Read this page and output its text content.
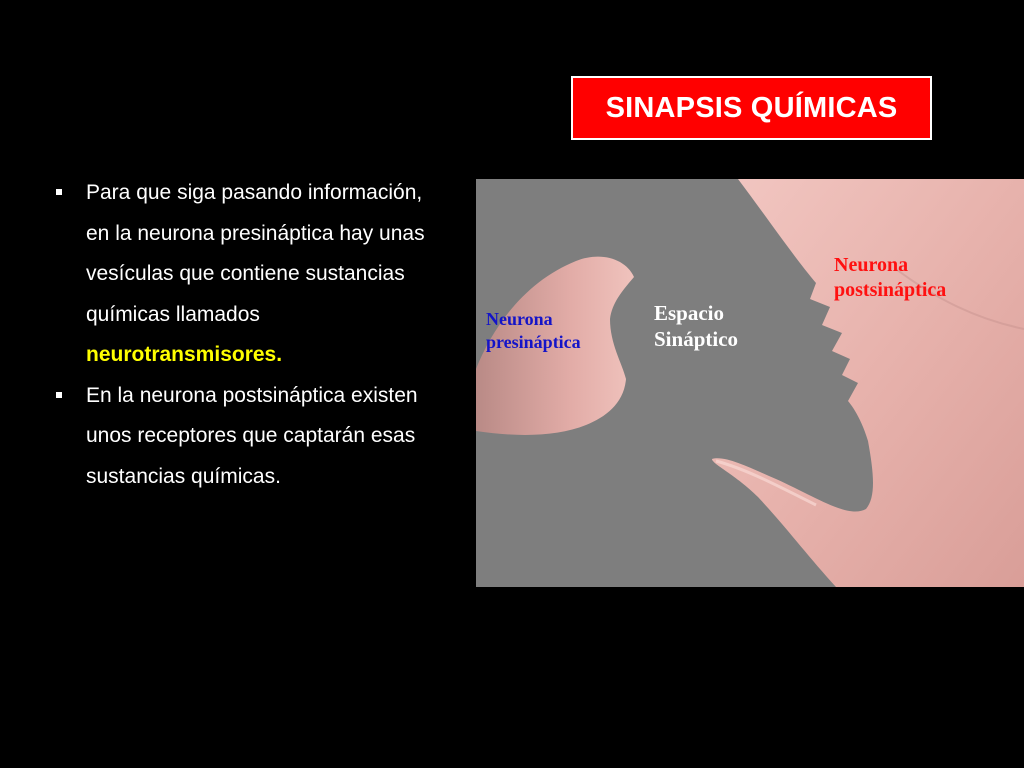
SINAPSIS QUÍMICAS
Para que siga pasando información, en la neurona presináptica hay unas vesículas que contiene sustancias químicas llamados
neurotransmisores.
En la neurona postsináptica existen unos receptores que captarán esas sustancias químicas.
Neurona
presináptica
Espacio
Sináptico
Neurona
postsináptica
